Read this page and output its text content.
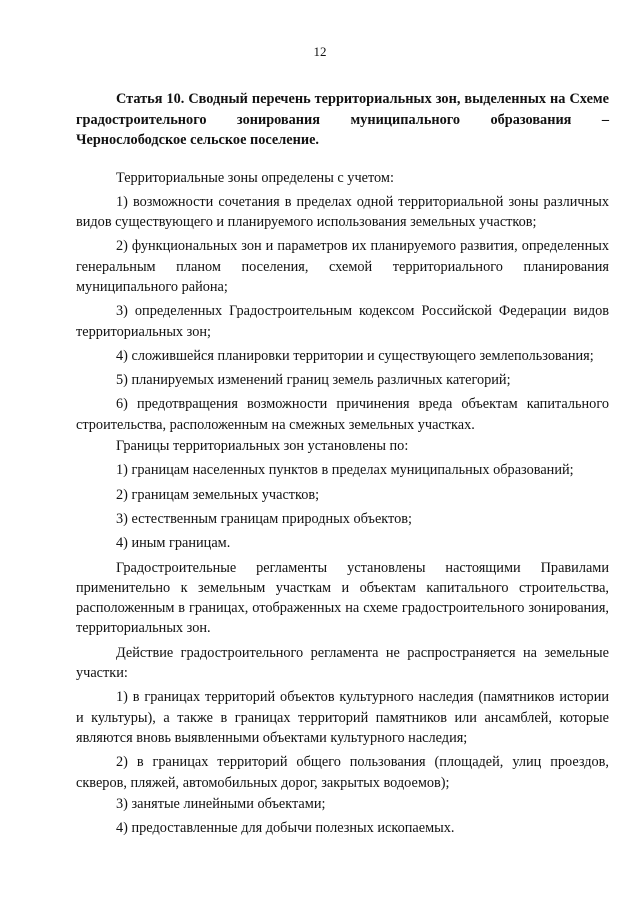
12

Статья 10. Сводный перечень территориальных зон, выделенных на Схеме градостроительного зонирования муниципального образования – Чернослободское сельское поселение.

Территориальные зоны определены с учетом:

1) возможности сочетания в пределах одной территориальной зоны различных видов существующего и планируемого использования земельных участков;

2) функциональных зон и параметров их планируемого развития, определенных генеральным планом поселения, схемой территориального планирования муниципального района;

3) определенных Градостроительным кодексом Российской Федерации видов территориальных зон;

4) сложившейся планировки территории и существующего землепользования;

5) планируемых изменений границ земель различных категорий;

6) предотвращения возможности причинения вреда объектам капитального строительства, расположенным на смежных земельных участках.

Границы территориальных зон установлены по:

1) границам населенных пунктов в пределах муниципальных образований;

2) границам земельных участков;

3) естественным границам природных объектов;

4) иным границам.

Градостроительные регламенты установлены настоящими Правилами применительно к земельным участкам и объектам капитального строительства, расположенным в границах, отображенных на схеме градостроительного зонирования, территориальных зон.

Действие градостроительного регламента не распространяется на земельные участки:

1) в границах территорий объектов культурного наследия (памятников истории и культуры), а также в границах территорий памятников или ансамблей, которые являются вновь выявленными объектами культурного наследия;

2) в границах территорий общего пользования (площадей, улиц проездов, скверов, пляжей, автомобильных дорог, закрытых водоемов);

3) занятые линейными объектами;

4) предоставленные для добычи полезных ископаемых.
